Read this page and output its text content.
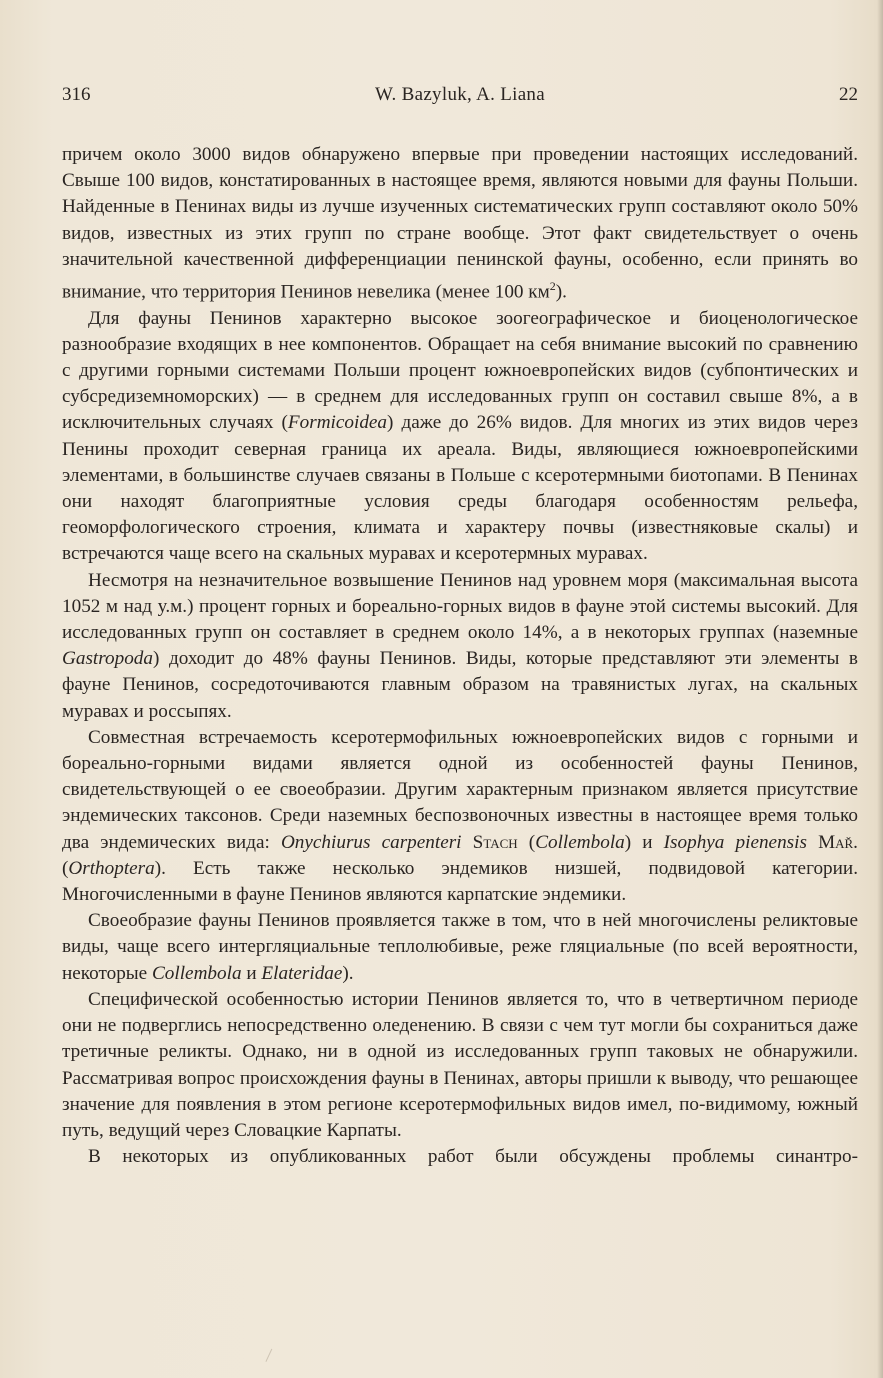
316	W. Bazyluk, A. Liana	22

причем около 3000 видов обнаружено впервые при проведении настоящих исследований. Свыше 100 видов, констатированных в настоящее время, являются новыми для фауны Польши. Найденные в Пенинах виды из лучше изученных систематических групп составляют около 50% видов, известных из этих групп по стране вообще. Этот факт свидетельствует о очень значительной качественной дифференциации пенинской фауны, особенно, если принять во внимание, что территория Пенинов невелика (менее 100 $км^2$).

Для фауны Пенинов характерно высокое зоогеографическое и биоценологическое разнообразие входящих в нее компонентов. Обращает на себя внимание высокий по сравнению с другими горными системами Польши процент южноевропейских видов (субпонтических и субсредиземноморских) — в среднем для исследованных групп он составил свыше 8%, а в исключительных случаях (Formicoidea) даже до 26% видов. Для многих из этих видов через Пенины проходит северная граница их ареала. Виды, являющиеся южноевропейскими элементами, в большинстве случаев связаны в Польше с ксеротермными биотопами. В Пенинах они находят благоприятные условия среды благодаря особенностям рельефа, геоморфологического строения, климата и характеру почвы (известняковые скалы) и встречаются чаще всего на скальных муравах и ксеротермных муравах.

Несмотря на незначительное возвышение Пенинов над уровнем моря (максимальная высота 1052 м над у.м.) процент горных и бореально-горных видов в фауне этой системы высокий. Для исследованных групп он составляет в среднем около 14%, а в некоторых группах (наземные Gastropoda) доходит до 48% фауны Пенинов. Виды, которые представляют эти элементы в фауне Пенинов, сосредоточиваются главным образом на травянистых лугах, на скальных муравах и россыпях.

Совместная встречаемость ксеротермофильных южноевропейских видов с горными и бореально-горными видами является одной из особенностей фауны Пенинов, свидетельствующей о ее своеобразии. Другим характерным признаком является присутствие эндемических таксонов. Среди наземных беспозвоночных известны в настоящее время только два эндемических вида: Onychiurus carpenteri Stach (Collembola) и Isophya pienensis Mař. (Orthoptera). Есть также несколько эндемиков низшей, подвидовой категории. Многочисленными в фауне Пенинов являются карпатские эндемики.

Своеобразие фауны Пенинов проявляется также в том, что в ней многочислены реликтовые виды, чаще всего интергляциальные теплолюбивые, реже гляциальные (по всей вероятности, некоторые Collembola и Elateridae).

Специфической особенностью истории Пенинов является то, что в четвертичном периоде они не подверглись непосредственно оледенению. В связи с чем тут могли бы сохраниться даже третичные реликты. Однако, ни в одной из исследованных групп таковых не обнаружили. Рассматривая вопрос происхождения фауны в Пенинах, авторы пришли к выводу, что решающее значение для появления в этом регионе ксеротермофильных видов имел, по-видимому, южный путь, ведущий через Словацкие Карпаты.

В некоторых из опубликованных работ были обсуждены проблемы синантро-
